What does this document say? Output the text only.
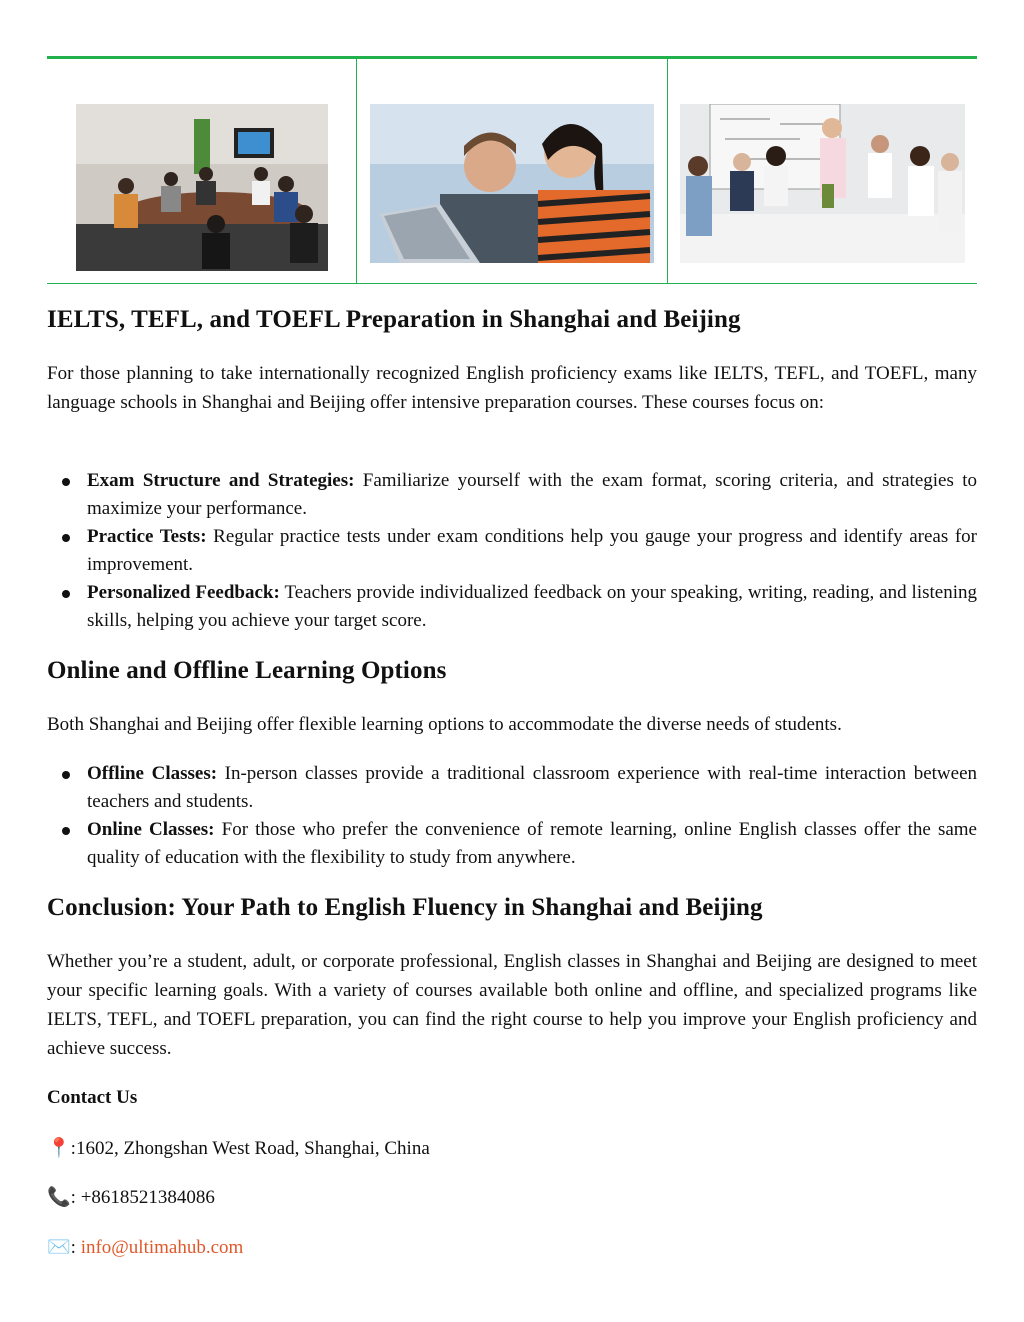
IELTS, TEFL, and TOEFL Preparation in Shanghai and Beijing

For those planning to take internationally recognized English proficiency exams like IELTS, TEFL, and TOEFL, many language schools in Shanghai and Beijing offer intensive preparation courses. These courses focus on:

Exam Structure and Strategies: Familiarize yourself with the exam format, scoring criteria, and strategies to maximize your performance.
Practice Tests: Regular practice tests under exam conditions help you gauge your progress and identify areas for improvement.
Personalized Feedback: Teachers provide individualized feedback on your speaking, writing, reading, and listening skills, helping you achieve your target score.
Online and Offline Learning Options

Both Shanghai and Beijing offer flexible learning options to accommodate the diverse needs of students.

Offline Classes: In-person classes provide a traditional classroom experience with real-time interaction between teachers and students.
Online Classes: For those who prefer the convenience of remote learning, online English classes offer the same quality of education with the flexibility to study from anywhere.
Conclusion: Your Path to English Fluency in Shanghai and Beijing

Whether you’re a student, adult, or corporate professional, English classes in Shanghai and Beijing are designed to meet your specific learning goals. With a variety of courses available both online and offline, and specialized programs like IELTS, TEFL, and TOEFL preparation, you can find the right course to help you improve your English proficiency and achieve success.

Contact Us
📍:1602, Zhongshan West Road, Shanghai, China
📞: +8618521384086
✉️: info@ultimahub.com
